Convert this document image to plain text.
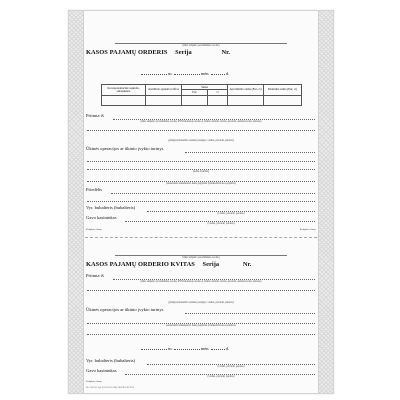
(ūkio subjekto pavadinimas, kodas)
KASOS PAJAMŲ ORDERIS Serija	Nr.
m.	mėn.	d.
Korespondencinė sąskaita, subsąskaita	Analitinis apskaitos šifras	Suma		Apvalinimo suma (Eur, ct)	Mokėtina suma (Eur, ct)
		Eur	ct		

Priimta iš
(ūkio subjekto pavadinimas, kodas, PVM mokėtojo kodas ar fizinio asmens vardas, pavardė, asmens kodas, adresas)
(pinigus įmokančio asmens pareigos, vardas, pavardė, parašas)
Ūkinės operacijos ar ūkinio įvykio turinys
(suma žodžiais)
(susiesiami dokumentai, kurių pagrindu pritaikomi Kasos pajamos)
Priedėlis
Vyr. buhalteris (buhalteris)
(vardas, pavardė, parašas)
Gavo kasininkas
(vardas, pavardė, parašas)
Kvitpinės Antsp.	Kvitpinės Antsp.
(ūkio subjekto pavadinimas, kodas)
KASOS PAJAMŲ ORDERIO KVITAS Serija	Nr.
Priimta iš
(ūkio subjekto pavadinimas, kodas, PVM mokėtojo kodas ar fizinio asmens vardas, pavardė, asmens kodas, adresas)
(pinigus įmokančio asmens pareigos, vardas, pavardė, parašas)
Ūkinės operacijos ar ūkinio įvykio turinys
(susiesiami dokumentai, kurių pagrindu pritaikomi Kasos pajamos)
m.	mėn.	d.
Vyr. buhalteris (buhalteris)
(vardas, pavardė, parašas)
Gavo kasininkas
(vardas, pavardė, parašas)
Kvitpinės Antsp.
KL-23/KASA Lith. KASOS PAJAMŲ ORDERIO KVITAS
